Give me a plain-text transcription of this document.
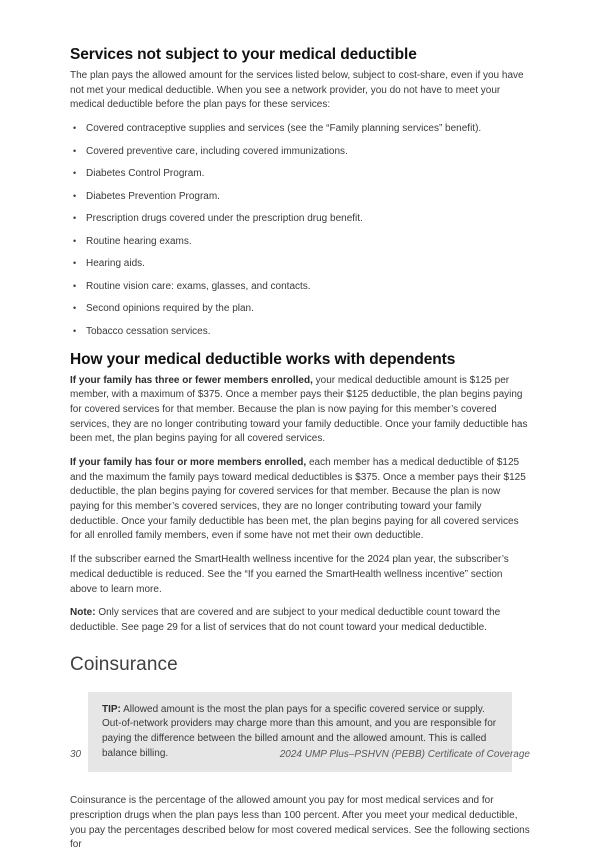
Services not subject to your medical deductible

The plan pays the allowed amount for the services listed below, subject to cost-share, even if you have not met your medical deductible. When you see a network provider, you do not have to meet your medical deductible before the plan pays for these services:

• Covered contraceptive supplies and services (see the “Family planning services” benefit).
• Covered preventive care, including covered immunizations.
• Diabetes Control Program.
• Diabetes Prevention Program.
• Prescription drugs covered under the prescription drug benefit.
• Routine hearing exams.
• Hearing aids.
• Routine vision care: exams, glasses, and contacts.
• Second opinions required by the plan.
• Tobacco cessation services.
How your medical deductible works with dependents

If your family has three or fewer members enrolled, your medical deductible amount is $125 per member, with a maximum of $375. Once a member pays their $125 deductible, the plan begins paying for covered services for that member. Because the plan is now paying for this member’s covered services, they are no longer contributing toward your family deductible. Once your family deductible has been met, the plan begins paying for all covered services.

If your family has four or more members enrolled, each member has a medical deductible of $125 and the maximum the family pays toward medical deductibles is $375. Once a member pays their $125 deductible, the plan begins paying for covered services for that member. Because the plan is now paying for this member’s covered services, they are no longer contributing toward your family deductible. Once your family deductible has been met, the plan begins paying for all covered services for all enrolled family members, even if some have not met their own deductible.

If the subscriber earned the SmartHealth wellness incentive for the 2024 plan year, the subscriber’s medical deductible is reduced. See the “If you earned the SmartHealth wellness incentive” section above to learn more.

Note: Only services that are covered and are subject to your medical deductible count toward the deductible. See page 29 for a list of services that do not count toward your medical deductible.

Coinsurance
TIP: Allowed amount is the most the plan pays for a specific covered service or supply. Out-of-network providers may charge more than this amount, and you are responsible for paying the difference between the billed amount and the allowed amount. This is called balance billing.

Coinsurance is the percentage of the allowed amount you pay for most medical services and for prescription drugs when the plan pays less than 100 percent. After you meet your medical deductible, you pay the percentages described below for most covered medical services. See the following sections for

30	2024 UMP Plus–PSHVN (PEBB) Certificate of Coverage
